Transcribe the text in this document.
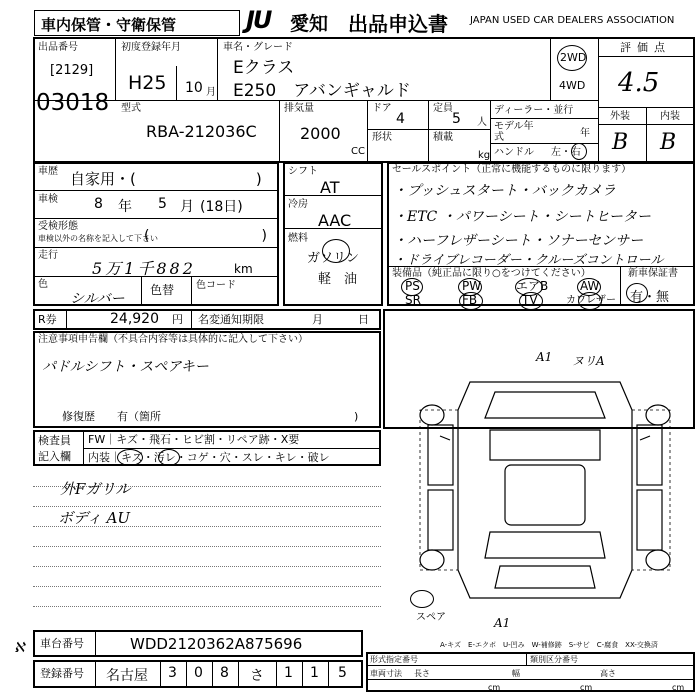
車内保管・守衛保管	JU 愛知 出品申込書 JAPAN USED CAR DEALERS ASSOCIATION
出品番号
[2129]
03018
初度登録年月
H25 10 月
車名・グレード
Eクラス
E250　アバンギャルド
2WD
4WD
評価点
4.5
外装	内装
B B
型式
RBA-212036C
排気量
2000
CC
ドア
4
定員
5 人
形状	積載
kg
ディーラー・並行
モデル年式	年
ハンドル 左・右
車歴 自家用・(　　　　　　　　)
車検	8 年 5 月 (18日)
受検形態
車検以外の名称を記入して下さい
(　　　　　　　　)
走行
5万1千882	km
色
シルバー
色替 色コード
シフト
AT
冷房
AAC
燃料
ガソリン
軽　油
セールスポイント（正常に機能するものに限ります）
・プッシュスタート・バックカメラ
・ETC ・パワーシート・シートヒーター
・ハーフレザーシート・ソナーセンサー
・ドライブレコーダー・クルーズコントロール
装備品（純正品に限り○をつけてください）
PS	PW	エアB	AW
SR	FB	TV	カワレザー
新車保証書
有・無
R券	24,920 円 名変通知期限	月	日
注意事項申告欄（不具合内容等は具体的に記入して下さい）
パドルシフト・スペアキー
修復歴　　有（箇所	)
検査員
記入欄
FW｜キズ・飛石・ヒビ割・リペア跡・X要
内装｜キズ・汚レ・コゲ・穴・スレ・キレ・破レ
外Fガリル
ボディ AU
A1 ヌリA
スペア	A1
A-キズ　E-エクボ　U-凹み　W-補修跡　S-サビ　C-腐食　XX-交換済
ℵ 車台番号	WDD2120362A875696
登録番号 名古屋 3 0 8 さ 1 1 5
形式指定番号	類別区分番号
車両寸法 長さ
cm
幅
cm
高さ
cm
